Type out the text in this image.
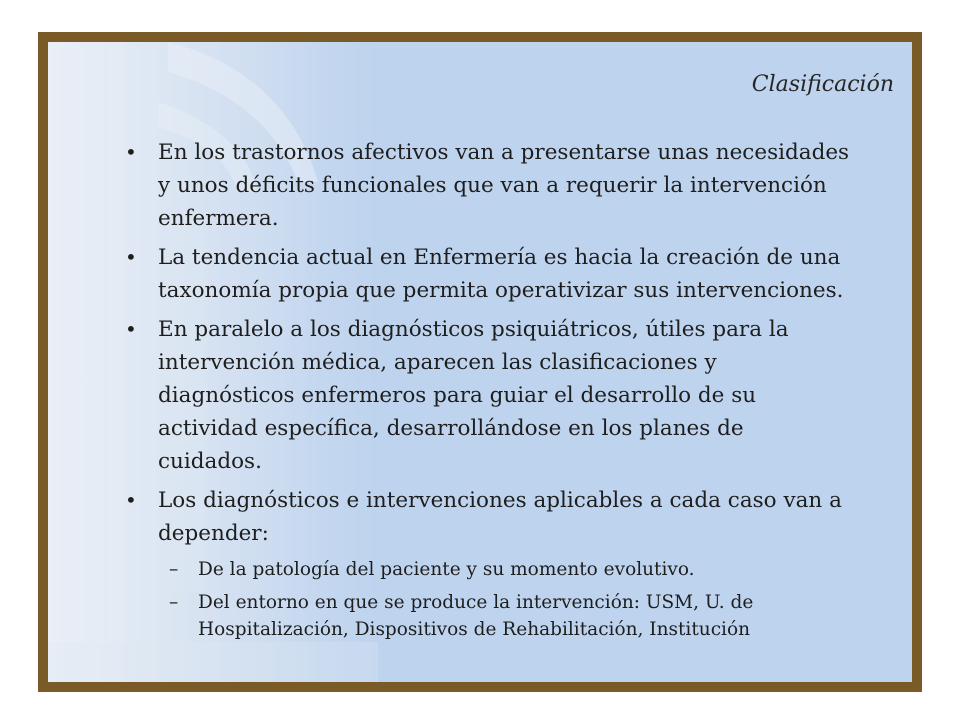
Clasificación

• En los trastornos afectivos van a presentarse unas necesidades y unos déficits funcionales que van a requerir la intervención enfermera.

• La tendencia actual en Enfermería es hacia la creación de una taxonomía propia que permita operativizar sus intervenciones.

• En paralelo a los diagnósticos psiquiátricos, útiles para la intervención médica, aparecen las clasificaciones y diagnósticos enfermeros para guiar el desarrollo de su actividad específica, desarrollándose en los planes de cuidados.

• Los diagnósticos e intervenciones aplicables a cada caso van a depender:

– De la patología del paciente y su momento evolutivo.

– Del entorno en que se produce la intervención: USM, U. de Hospitalización, Dispositivos de Rehabilitación, Institución
